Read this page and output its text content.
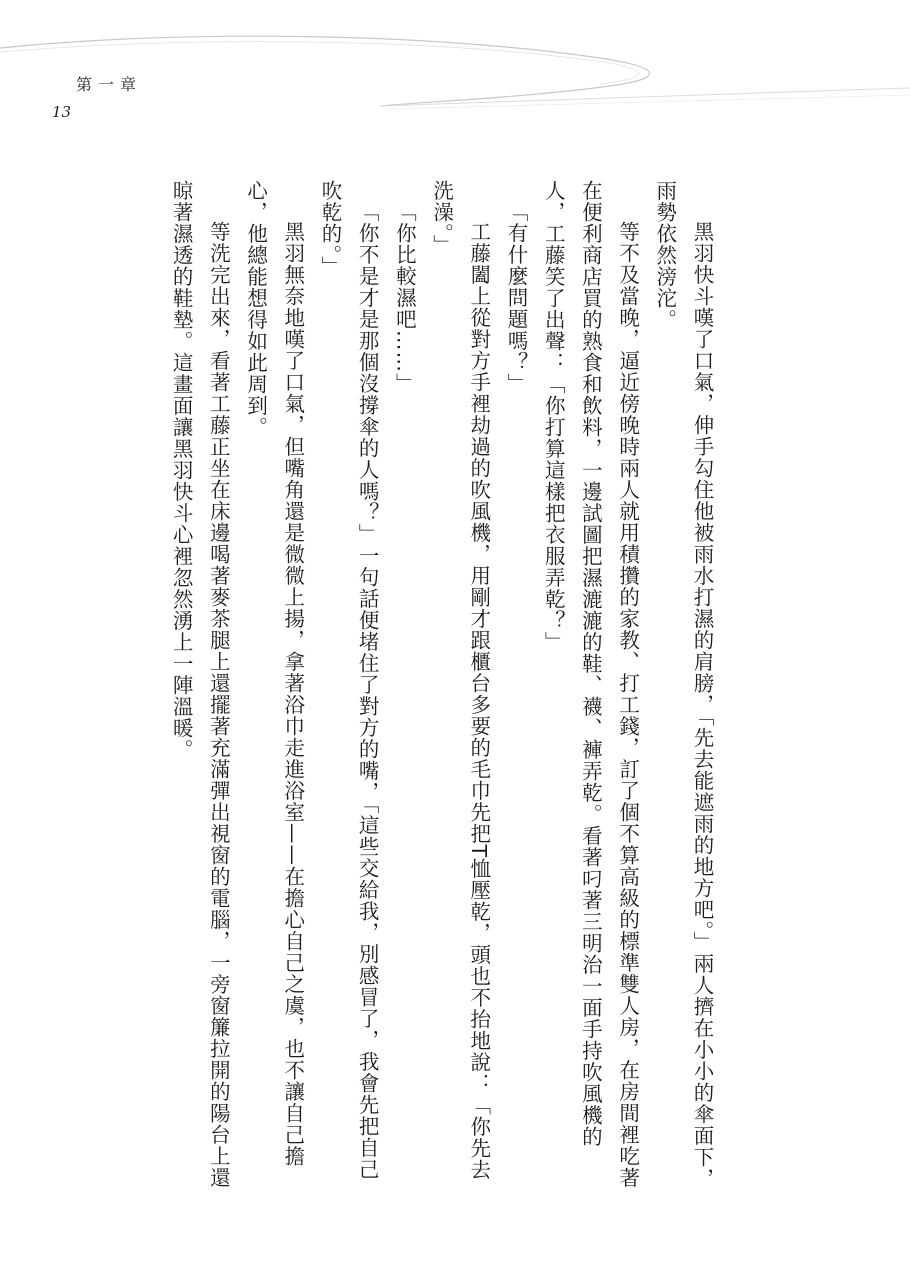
第一章
13

黑羽快斗嘆了口氣，伸手勾住他被雨水打濕的肩膀，「先去能遮雨的地方吧。」兩人擠在小小的傘面下，雨勢依然滂沱。

等不及當晚，逼近傍晚時兩人就用積攢的家教、打工錢，訂了個不算高級的標準雙人房，在房間裡吃著在便利商店買的熟食和飲料，一邊試圖把濕漉漉的鞋、襪、褲弄乾。看著叼著三明治一面手持吹風機的人，工藤笑了出聲：「你打算這樣把衣服弄乾？」

「有什麼問題嗎？」

工藤闔上從對方手裡劫過的吹風機，用剛才跟櫃台多要的毛巾先把T恤壓乾，頭也不抬地說：「你先去洗澡。」

「你比較濕吧……」

「你不是才是那個沒撐傘的人嗎？」一句話便堵住了對方的嘴，「這些交給我，別感冒了，我會先把自己吹乾的。」

黑羽無奈地嘆了口氣，但嘴角還是微微上揚，拿著浴巾走進浴室——在擔心自己之虞，也不讓自己擔心，他總能想得如此周到。

等洗完出來，看著工藤正坐在床邊喝著麥茶腿上還擺著充滿彈出視窗的電腦，一旁窗簾拉開的陽台上還晾著濕透的鞋墊。這畫面讓黑羽快斗心裡忽然湧上一陣溫暖。
